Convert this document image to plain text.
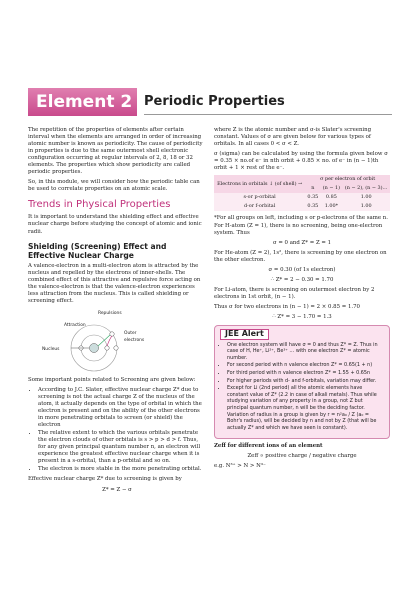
Element 2 Periodic Properties

The repetition of the properties of elements after certain interval when the elements are arranged in order of increasing atomic number is known as periodicity. The cause of periodicity in properties is due to the same outermost shell electronic configuration occurring at regular intervals of 2, 8, 18 or 32 elements. The properties which show periodicity are called periodic properties.

So, in this module, we will consider how the periodic table can be used to correlate properties on an atomic scale.

Trends in Physical Properties

It is important to understand the shielding effect and effective nuclear charge before studying the concept of atomic and ionic radii.

Shielding (Screening) Effect and Effective Nuclear Charge

A valence-electron in a multi-electron atom is attracted by the nucleus and repelled by the electrons of inner-shells. The combined effect of this attractive and repulsive force acting on the valence-electron is that the valence-electron experiences less attraction from the nucleus. This is called shielding or screening effect.

Repulsions
Attraction
Outer electrons
Nucleus

Some important points related to Screening are given below:

• According to J.C. Slater, effective nuclear charge Z* due to screening is not the actual charge Z of the nucleus of the atom, it actually depends on the type of orbital in which the electron is present and on the ability of the other electrons in more penetrating orbitals to screen (or shield) the electron
• The relative extent to which the various orbitals penetrate the electron clouds of other orbitals is s > p > d > f. Thus, for any given principal quantum number n, an electron will experience the greatest effective nuclear charge when it is present in a s-orbital, than a p-orbital and so on.
• The electron is more stable in the more penetrating orbital.

Effective nuclear charge Z* due to screening is given by

Z* = Z − σ

where Z is the atomic number and σ-is Slater's screening constant. Values of σ are given below for various types of orbitals. In all cases 0 < σ < Z.

σ (sigma) can be calculated by using the formula given below σ = 0.35 × no.of e⁻ in nth orbit + 0.85 × no. of e⁻ in (n − 1)th orbit + 1 × rest of the e⁻.

Electrons in orbitals ↓ (of shell) →	σ per electron of orbit		
	n	(n − 1)	(n − 2), (n − 3)…
s-or p-orbital	0.35	0.85	1.00
d-or f-orbital	0.35	1.00*	1.00

*For all groups on left, including s or p-electrons of the same n. For H-atom (Z = 1), there is no screening, being one-electron system. Thus

σ = 0 and Z* = Z = 1

For He-atom (Z = 2), 1s², there is screening by one electron on the other electron.

σ = 0.30 (of 1s electron)
∴ Z* = 2 − 0.30 = 1.70

For Li-atom, there is screening on outermost electron by 2 electrons in 1st orbit, (n − 1).

Thus σ for two electrons in (n − 1) = 2 × 0.85 = 1.70

∴ Z* = 3 − 1.70 = 1.3
JEE Alert
• One electron system will have σ = 0 and thus Z* = Z. Thus in case of H, He⁺, Li²⁺, Be³⁺ … with one electron Z* = atomic number.
• For second period with n valence electron Z* = 0.65(1 + n)
• For third period with n valence electron Z* = 1.55 + 0.65n
• For higher periods with d- and f-orbitals, variation may differ.
• Except for Li (2nd period) all the atomic elements have constant value of Z* (2.2 in case of alkali metals). Thus while studying variation of any property in a group, not Z but principal quantum number, n will be the deciding factor. Variation of radius in a group is given by r = n²a₀ / Z (a₀ = Bohr's radius), will be decided by n and not by Z (that will be actually Z* and which we have seen is constant).

Zeff for different ions of an element

Zeff ∝ positive charge / negative charge

e.g. N³⁺ > N > N³⁻
